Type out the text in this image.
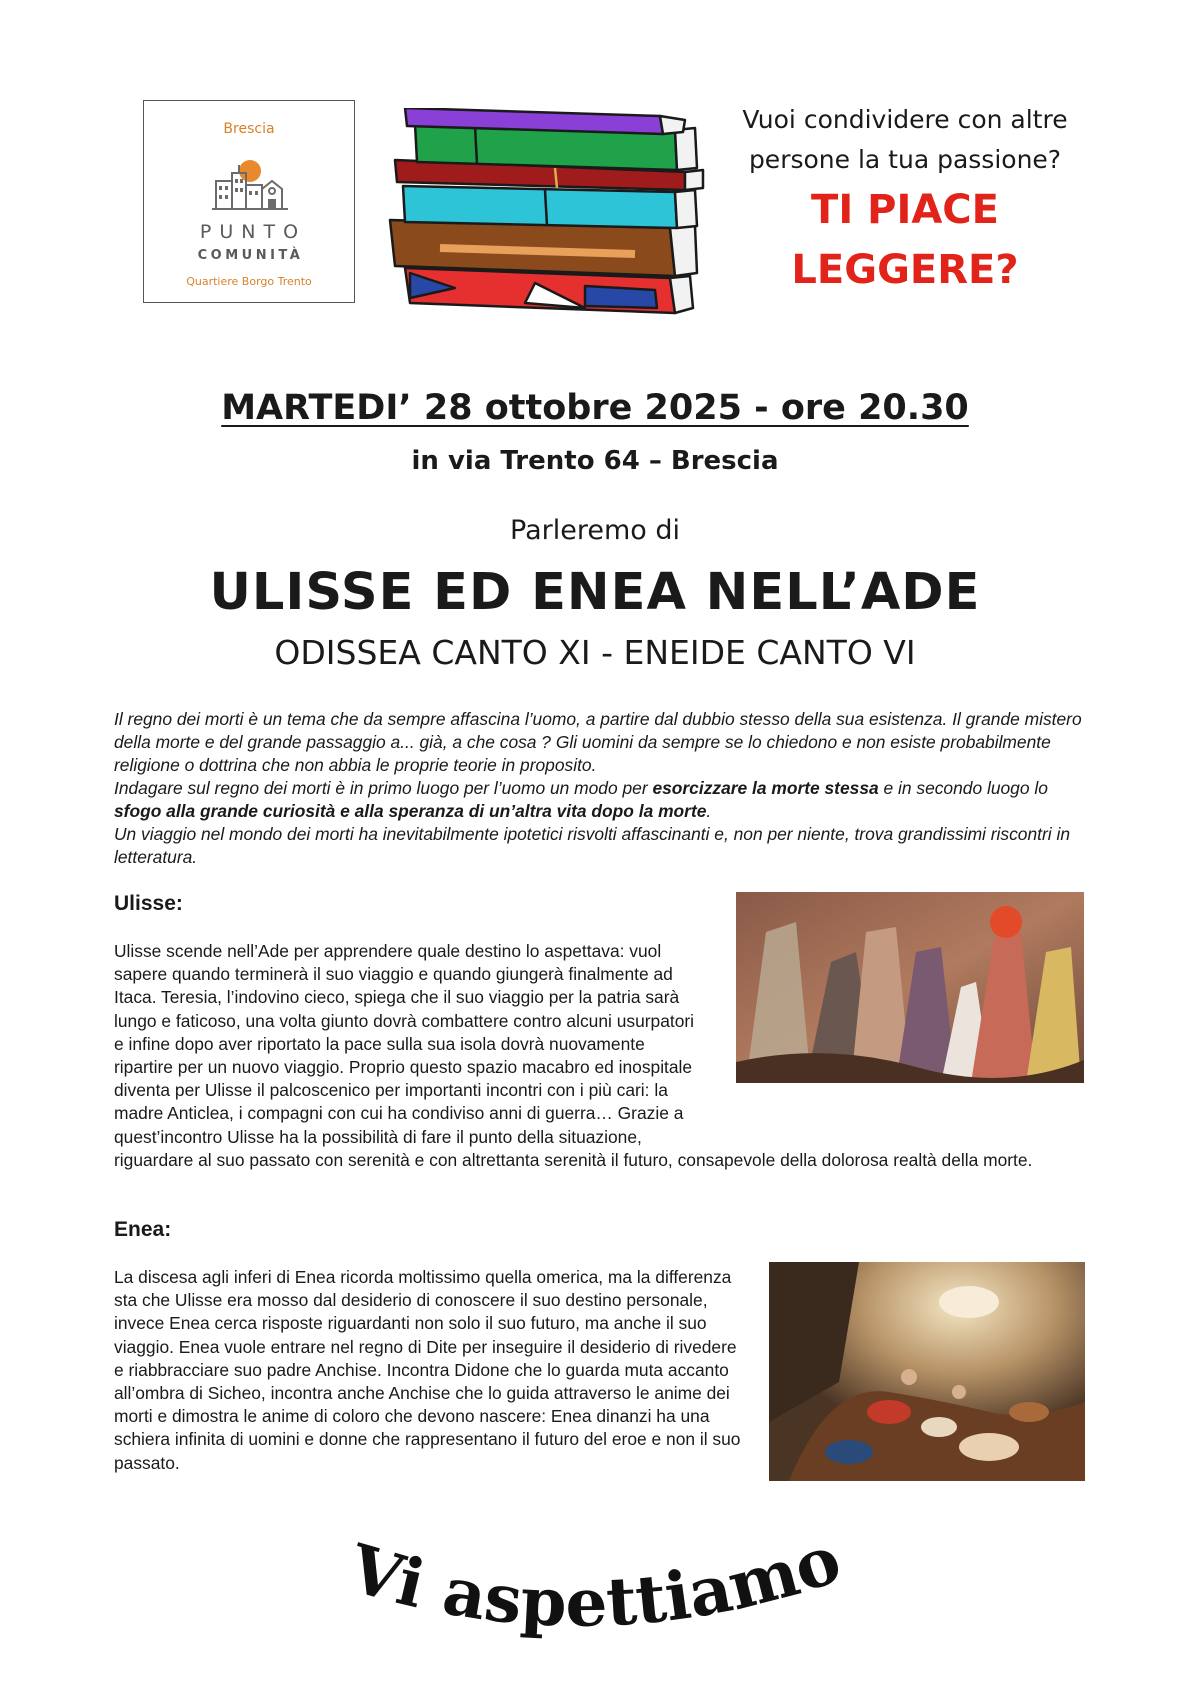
Brescia
PUNTO
COMUNITÀ
Quartiere Borgo Trento
Vuoi condividere con altre
persone la tua passione?
TI PIACE
LEGGERE?
MARTEDI’ 28 ottobre 2025 - ore 20.30
in via Trento 64 – Brescia
Parleremo di
ULISSE ED ENEA NELL’ADE
ODISSEA CANTO XI - ENEIDE CANTO VI

Il regno dei morti è un tema che da sempre affascina l’uomo, a partire dal dubbio stesso della sua esistenza. Il grande mistero della morte e del grande passaggio a... già, a che cosa ? Gli uomini da sempre se lo chiedono e non esiste probabilmente religione o dottrina che non abbia le proprie teorie in proposito.

Indagare sul regno dei morti è in primo luogo per l’uomo un modo per esorcizzare la morte stessa e in secondo luogo lo sfogo alla grande curiosità e alla speranza di un’altra vita dopo la morte.

Un viaggio nel mondo dei morti ha inevitabilmente ipotetici risvolti affascinanti e, non per niente, trova grandissimi riscontri in letteratura.

Ulisse:

Ulisse scende nell’Ade per apprendere quale destino lo aspettava: vuol sapere quando terminerà il suo viaggio e quando giungerà finalmente ad Itaca. Teresia, l’indovino cieco, spiega che il suo viaggio per la patria sarà lungo e faticoso, una volta giunto dovrà combattere contro alcuni usurpatori e infine dopo aver riportato la pace sulla sua isola dovrà nuovamente ripartire per un nuovo viaggio. Proprio questo spazio macabro ed inospitale diventa per Ulisse il palcoscenico per importanti incontri con i più cari: la madre Anticlea, i compagni con cui ha condiviso anni di guerra… Grazie a quest’incontro Ulisse ha la possibilità di fare il punto della situazione, riguardare al suo passato con serenità e con altrettanta serenità il futuro, consapevole della dolorosa realtà della morte.

Enea:

La discesa agli inferi di Enea ricorda moltissimo quella omerica, ma la differenza sta che Ulisse era mosso dal desiderio di conoscere il suo destino personale, invece Enea cerca risposte riguardanti non solo il suo futuro, ma anche il suo viaggio. Enea vuole entrare nel regno di Dite per inseguire il desiderio di rivedere e riabbracciare suo padre Anchise. Incontra Didone che lo guarda muta accanto all’ombra di Sicheo, incontra anche Anchise che lo guida attraverso le anime dei morti e dimostra le anime di coloro che devono nascere: Enea dinanzi ha una schiera infinita di uomini e donne che rappresentano il futuro del eroe e non il suo passato.

Vi aspettiamo
